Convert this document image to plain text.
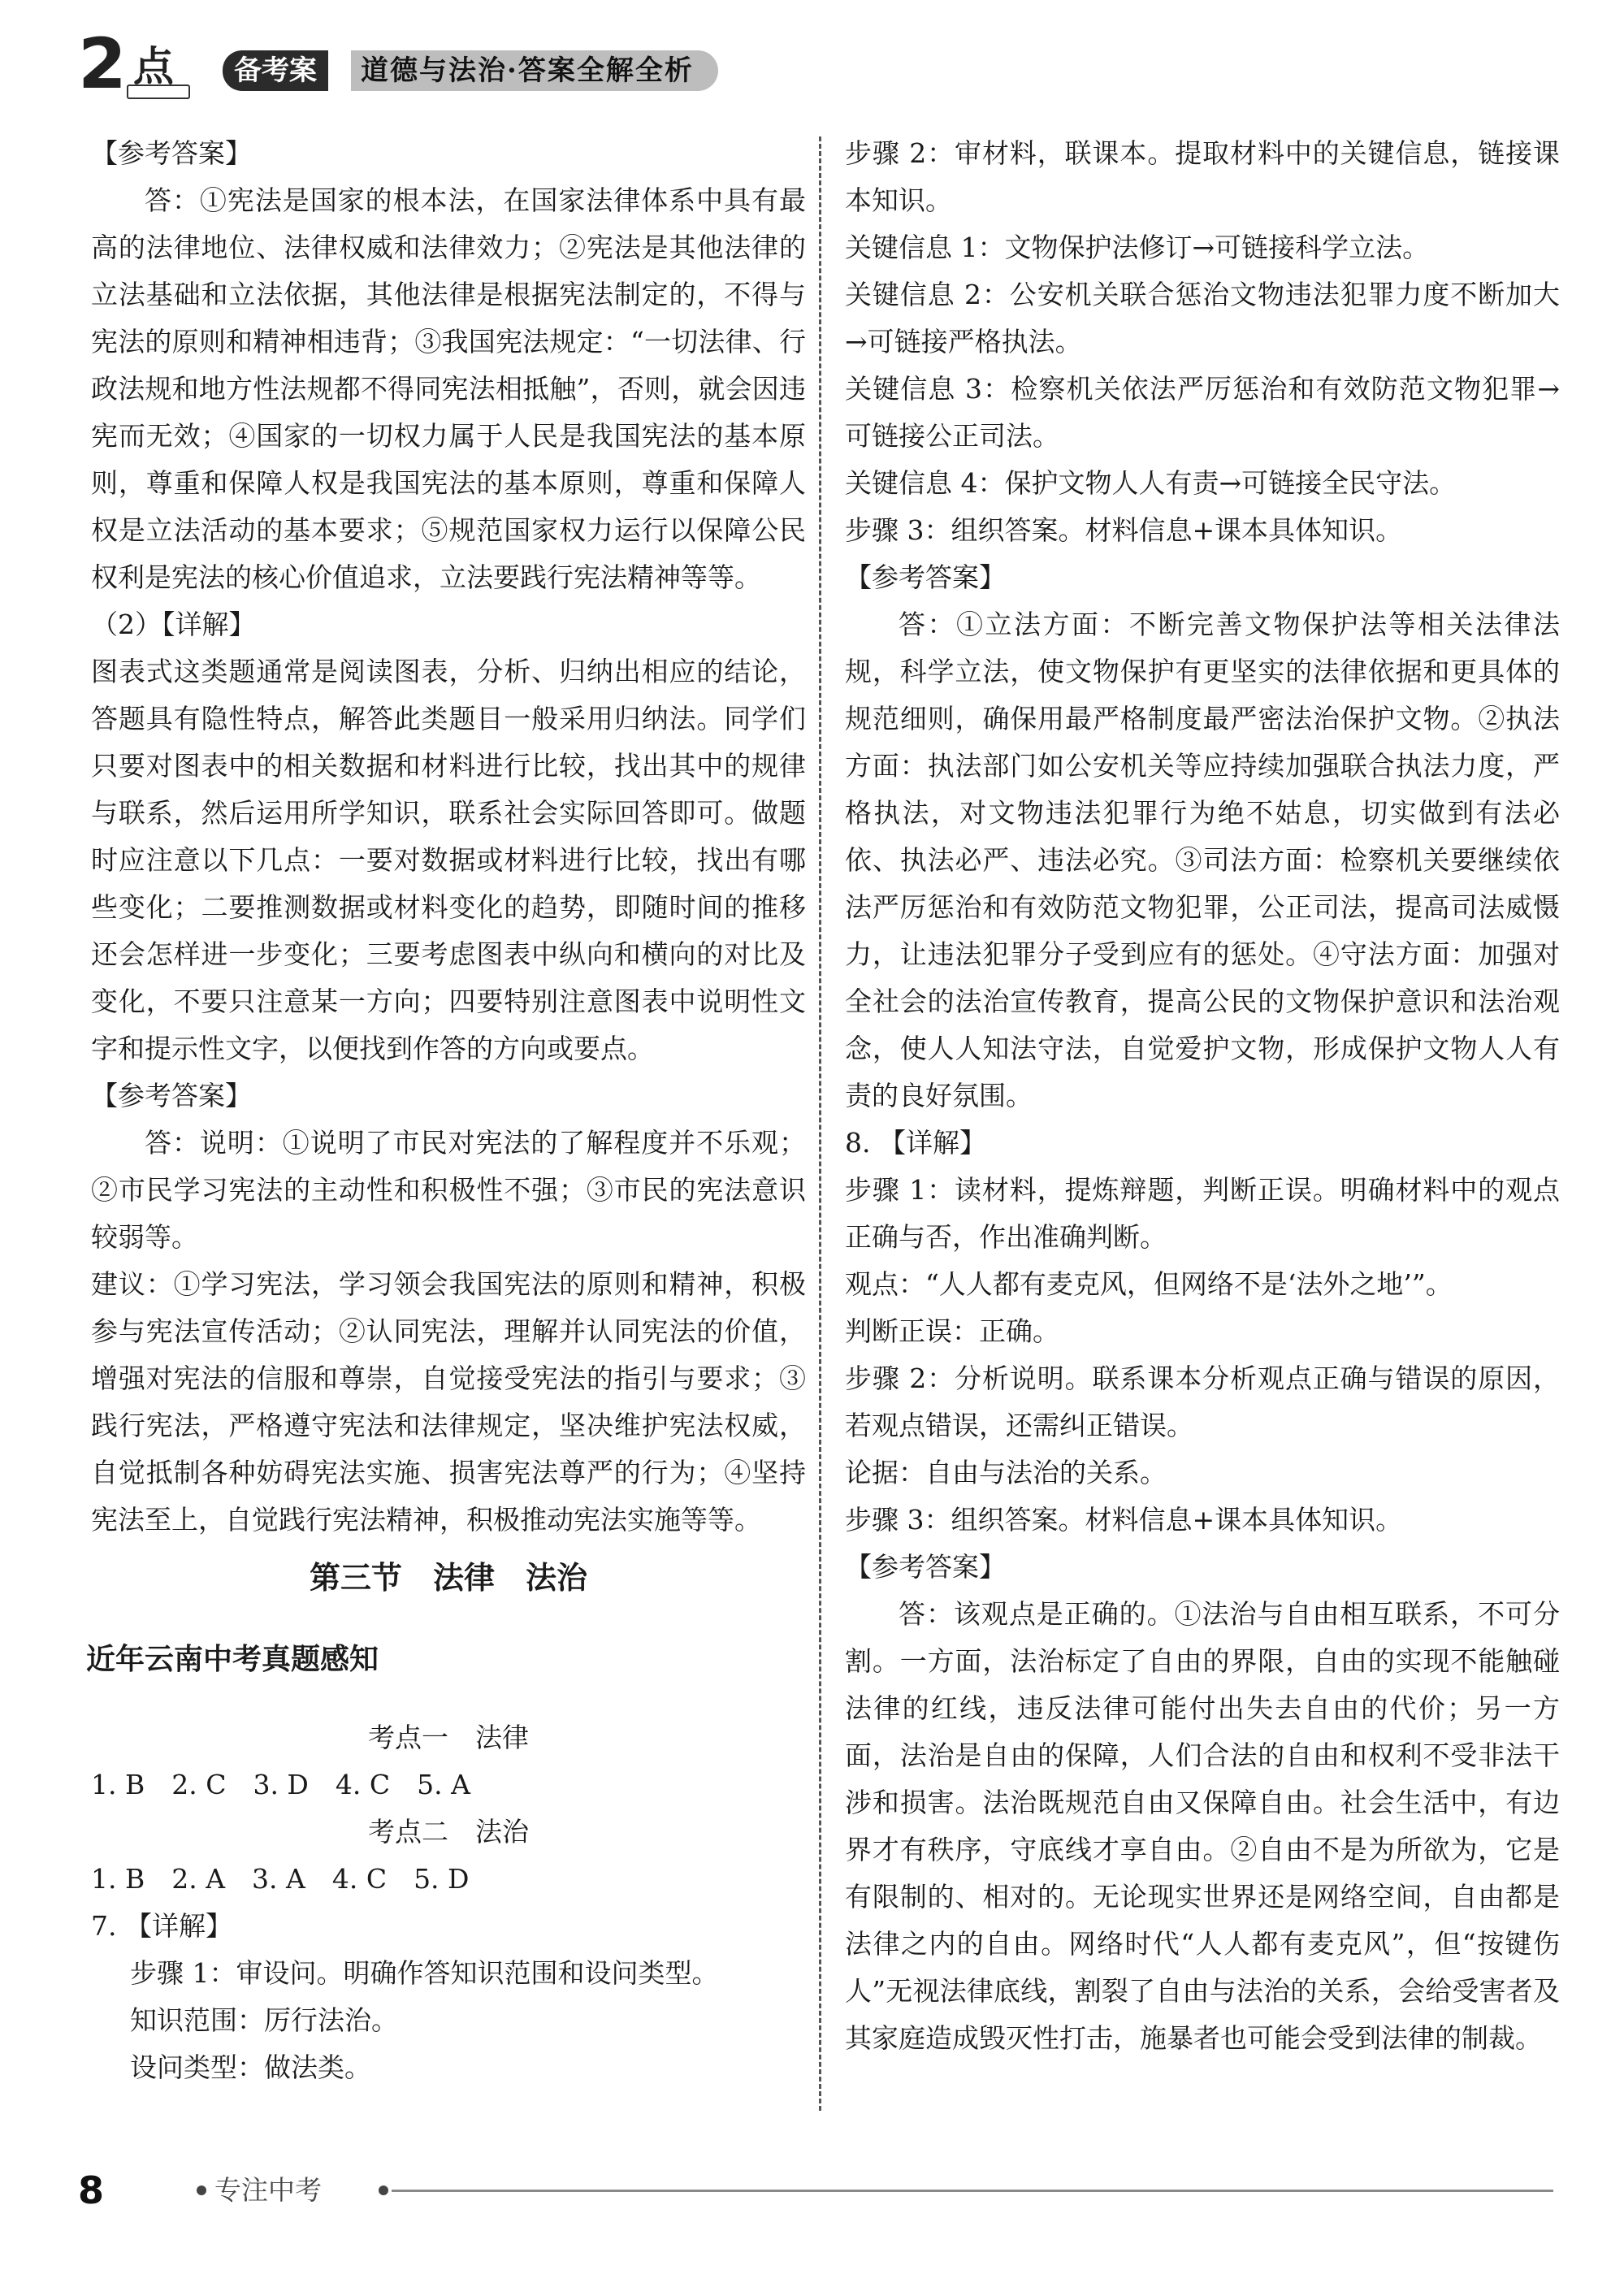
2 点	备考案	道德与法治·答案全解全析

【参考答案】

答：①宪法是国家的根本法，在国家法律体系中具有最高的法律地位、法律权威和法律效力；②宪法是其他法律的立法基础和立法依据，其他法律是根据宪法制定的，不得与宪法的原则和精神相违背；③我国宪法规定：“一切法律、行政法规和地方性法规都不得同宪法相抵触”，否则，就会因违宪而无效；④国家的一切权力属于人民是我国宪法的基本原则，尊重和保障人权是我国宪法的基本原则，尊重和保障人权是立法活动的基本要求；⑤规范国家权力运行以保障公民权利是宪法的核心价值追求，立法要践行宪法精神等等。

（2）【详解】

图表式这类题通常是阅读图表，分析、归纳出相应的结论，答题具有隐性特点，解答此类题目一般采用归纳法。同学们只要对图表中的相关数据和材料进行比较，找出其中的规律与联系，然后运用所学知识，联系社会实际回答即可。做题时应注意以下几点：一要对数据或材料进行比较，找出有哪些变化；二要推测数据或材料变化的趋势，即随时间的推移还会怎样进一步变化；三要考虑图表中纵向和横向的对比及变化，不要只注意某一方向；四要特别注意图表中说明性文字和提示性文字，以便找到作答的方向或要点。

【参考答案】

答：说明：①说明了市民对宪法的了解程度并不乐观；②市民学习宪法的主动性和积极性不强；③市民的宪法意识较弱等。

建议：①学习宪法，学习领会我国宪法的原则和精神，积极参与宪法宣传活动；②认同宪法，理解并认同宪法的价值，增强对宪法的信服和尊崇，自觉接受宪法的指引与要求；③践行宪法，严格遵守宪法和法律规定，坚决维护宪法权威，自觉抵制各种妨碍宪法实施、损害宪法尊严的行为；④坚持宪法至上，自觉践行宪法精神，积极推动宪法实施等等。

第三节　法律　法治

近年云南中考真题感知

考点一　法律

1. B　2. C　3. D　4. C　5. A

考点二　法治

1. B　2. A　3. A　4. C　5. D

7. 【详解】

步骤 1：审设问。明确作答知识范围和设问类型。

知识范围：厉行法治。

设问类型：做法类。

步骤 2：审材料，联课本。提取材料中的关键信息，链接课本知识。

关键信息 1：文物保护法修订→可链接科学立法。

关键信息 2：公安机关联合惩治文物违法犯罪力度不断加大→可链接严格执法。

关键信息 3：检察机关依法严厉惩治和有效防范文物犯罪→可链接公正司法。

关键信息 4：保护文物人人有责→可链接全民守法。

步骤 3：组织答案。材料信息+课本具体知识。

【参考答案】

答：①立法方面：不断完善文物保护法等相关法律法规，科学立法，使文物保护有更坚实的法律依据和更具体的规范细则，确保用最严格制度最严密法治保护文物。②执法方面：执法部门如公安机关等应持续加强联合执法力度，严格执法，对文物违法犯罪行为绝不姑息，切实做到有法必依、执法必严、违法必究。③司法方面：检察机关要继续依法严厉惩治和有效防范文物犯罪，公正司法，提高司法威慑力，让违法犯罪分子受到应有的惩处。④守法方面：加强对全社会的法治宣传教育，提高公民的文物保护意识和法治观念，使人人知法守法，自觉爱护文物，形成保护文物人人有责的良好氛围。

8. 【详解】

步骤 1：读材料，提炼辩题，判断正误。明确材料中的观点正确与否，作出准确判断。

观点：“人人都有麦克风，但网络不是‘法外之地’”。

判断正误：正确。

步骤 2：分析说明。联系课本分析观点正确与错误的原因，若观点错误，还需纠正错误。

论据：自由与法治的关系。

步骤 3：组织答案。材料信息+课本具体知识。

【参考答案】

答：该观点是正确的。①法治与自由相互联系，不可分割。一方面，法治标定了自由的界限，自由的实现不能触碰法律的红线，违反法律可能付出失去自由的代价；另一方面，法治是自由的保障，人们合法的自由和权利不受非法干涉和损害。法治既规范自由又保障自由。社会生活中，有边界才有秩序，守底线才享自由。②自由不是为所欲为，它是有限制的、相对的。无论现实世界还是网络空间，自由都是法律之内的自由。网络时代“人人都有麦克风”，但“按键伤人”无视法律底线，割裂了自由与法治的关系，会给受害者及其家庭造成毁灭性打击，施暴者也可能会受到法律的制裁。

8	专注中考
